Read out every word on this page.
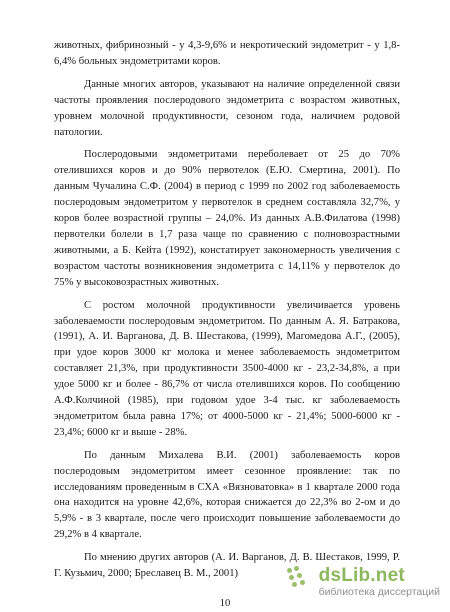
животных, фибринозный - у 4,3-9,6% и некротический эндометрит - у 1,8-6,4% больных эндометритами коров.

Данные многих авторов, указывают на наличие определенной связи частоты проявления послеродового эндометрита с возрастом животных, уровнем молочной продуктивности, сезоном года, наличием родовой патологии.

Послеродовыми эндометритами переболевает от 25 до 70% отелившихся коров и до 90% первотелок (Е.Ю. Смертина, 2001). По данным Чучалина С.Ф. (2004) в период с 1999 по 2002 год заболеваемость послеродовым эндометритом у первотелок в среднем составляла 32,7%, у коров более возрастной группы – 24,0%. Из данных А.В.Филатова (1998) первотелки болели в 1,7 раза чаще по сравнению с полновозрастными животными, а Б. Кейта (1992), констатирует закономерность увеличения с возрастом частоты возникновения эндометрита с 14,11% у первотелок до 75% у высоковозрастных животных.

С ростом молочной продуктивности увеличивается уровень заболеваемости послеродовым эндометритом. По данным А. Я. Батракова, (1991), А. И. Варганова, Д. В. Шестакова, (1999), Магомедова А.Г., (2005), при удое коров 3000 кг молока и менее заболеваемость эндометритом составляет 21,3%, при продуктивности 3500-4000 кг - 23,2-34,8%, а при удое 5000 кг и более - 86,7% от числа отелившихся коров. По сообщению А.Ф.Колчиной (1985), при годовом удое 3-4 тыс. кг заболеваемость эндометритом была равна 17%; от 4000-5000 кг - 21,4%; 5000-6000 кг - 23,4%; 6000 кг и выше - 28%.

По данным Михалева В.И. (2001) заболеваемость коров послеродовым эндометритом имеет сезонное проявление: так по исследованиям проведенным в СХА «Вязноватовка» в 1 квартале 2000 года она находится на уровне 42,6%, которая снижается до 22,3% во 2-ом и до 5,9% - в 3 квартале, после чего происходит повышение заболеваемости до 29,2% в 4 квартале.

По мнению других авторов (А. И. Варганов, Д. В. Шестаков, 1999, Р. Г. Кузьмич, 2000; Бреславец В. М., 2001)	dsLib.net
библиотека диссертаций
10
